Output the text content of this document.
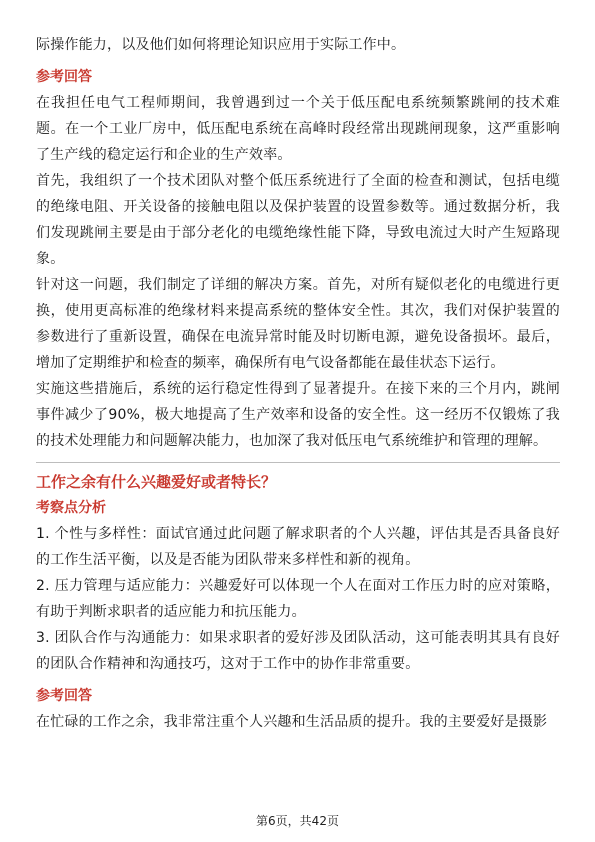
际操作能力，以及他们如何将理论知识应用于实际工作中。

参考回答

在我担任电气工程师期间，我曾遇到过一个关于低压配电系统频繁跳闸的技术难题。在一个工业厂房中，低压配电系统在高峰时段经常出现跳闸现象，这严重影响了生产线的稳定运行和企业的生产效率。

首先，我组织了一个技术团队对整个低压系统进行了全面的检查和测试，包括电缆的绝缘电阻、开关设备的接触电阻以及保护装置的设置参数等。通过数据分析，我们发现跳闸主要是由于部分老化的电缆绝缘性能下降，导致电流过大时产生短路现象。

针对这一问题，我们制定了详细的解决方案。首先，对所有疑似老化的电缆进行更换，使用更高标准的绝缘材料来提高系统的整体安全性。其次，我们对保护装置的参数进行了重新设置，确保在电流异常时能及时切断电源，避免设备损坏。最后，增加了定期维护和检查的频率，确保所有电气设备都能在最佳状态下运行。

实施这些措施后，系统的运行稳定性得到了显著提升。在接下来的三个月内，跳闸事件减少了90%，极大地提高了生产效率和设备的安全性。这一经历不仅锻炼了我的技术处理能力和问题解决能力，也加深了我对低压电气系统维护和管理的理解。

工作之余有什么兴趣爱好或者特长？

考察点分析

1. 个性与多样性：面试官通过此问题了解求职者的个人兴趣，评估其是否具备良好的工作生活平衡，以及是否能为团队带来多样性和新的视角。

2. 压力管理与适应能力：兴趣爱好可以体现一个人在面对工作压力时的应对策略，有助于判断求职者的适应能力和抗压能力。

3. 团队合作与沟通能力：如果求职者的爱好涉及团队活动，这可能表明其具有良好的团队合作精神和沟通技巧，这对于工作中的协作非常重要。

参考回答

在忙碌的工作之余，我非常注重个人兴趣和生活品质的提升。我的主要爱好是摄影

第6页，共42页
